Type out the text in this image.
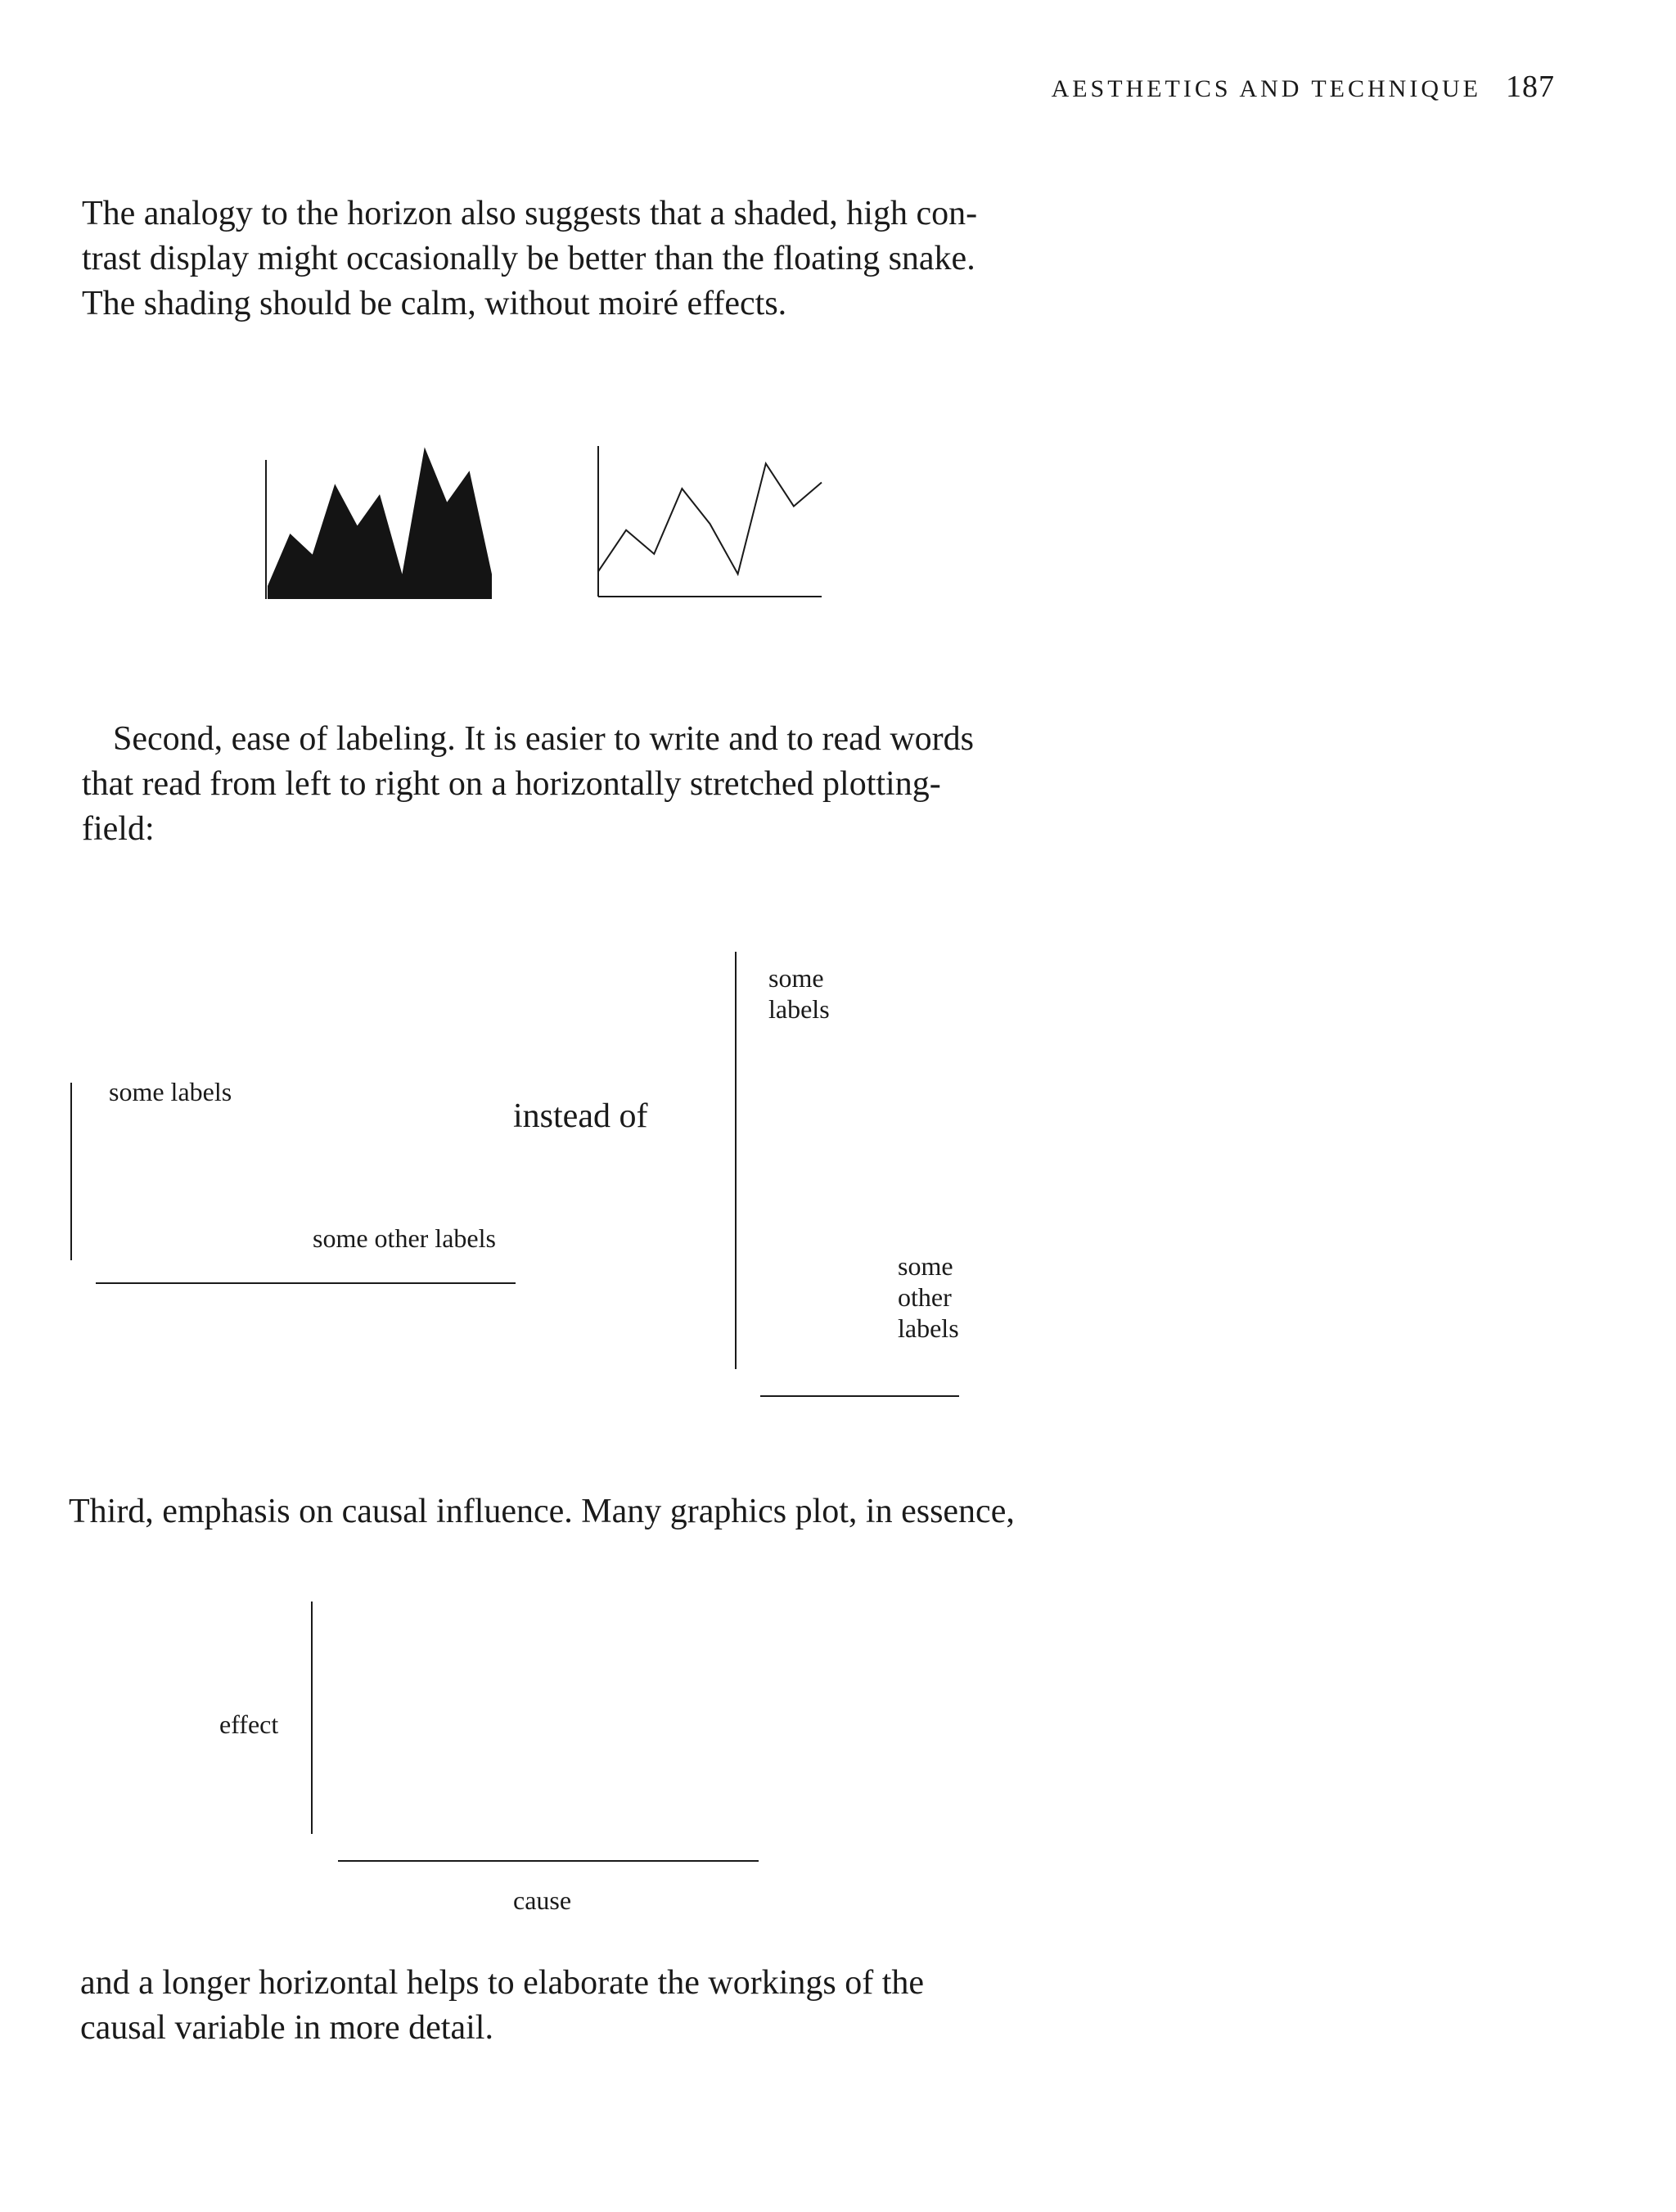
AESTHETICS AND TECHNIQUE 187
The analogy to the horizon also suggests that a shaded, high con-
trast display might occasionally be better than the floating snake.
The shading should be calm, without moiré effects.
Second, ease of labeling. It is easier to write and to read words
that read from left to right on a horizontally stretched plotting-
field:
some labels
some other labels
instead of
some
labels
some
other
labels
Third, emphasis on causal influence. Many graphics plot, in essence,
effect
cause
and a longer horizontal helps to elaborate the workings of the
causal variable in more detail.
